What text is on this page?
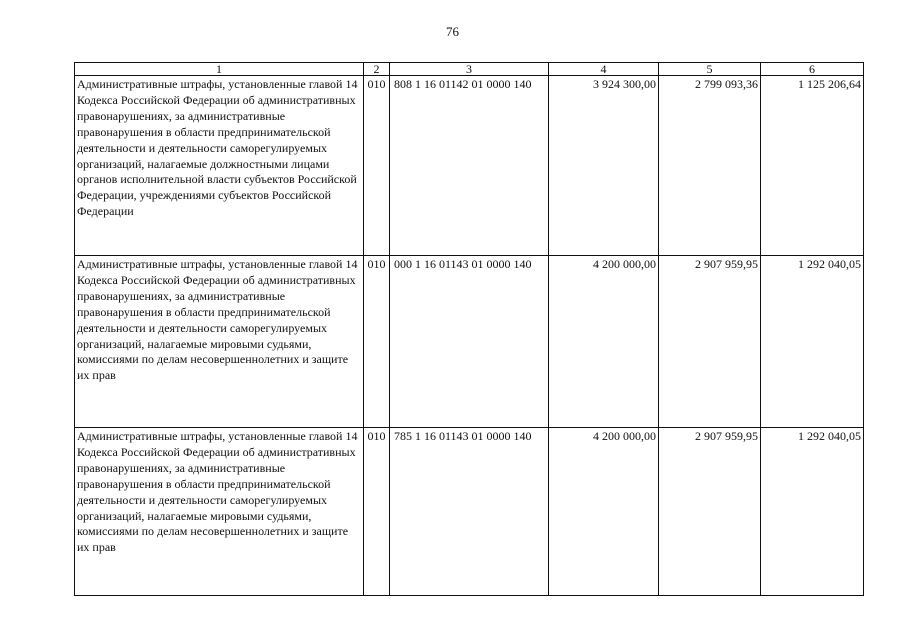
76
1	2	3	4	5	6
Административные штрафы, установленные главой 14 Кодекса Российской Федерации об административных правонарушениях, за административные правонарушения в области предпринимательской деятельности и деятельности саморегулируемых организаций, налагаемые должностными лицами органов исполнительной власти субъектов Российской Федерации, учреждениями субъектов Российской Федерации	010	808 1 16 01142 01 0000 140	3 924 300,00	2 799 093,36	1 125 206,64
Административные штрафы, установленные главой 14 Кодекса Российской Федерации об административных правонарушениях, за административные правонарушения в области предпринимательской деятельности и деятельности саморегулируемых организаций, налагаемые мировыми судьями, комиссиями по делам несовершеннолетних и защите их прав	010	000 1 16 01143 01 0000 140	4 200 000,00	2 907 959,95	1 292 040,05
Административные штрафы, установленные главой 14 Кодекса Российской Федерации об административных правонарушениях, за административные правонарушения в области предпринимательской деятельности и деятельности саморегулируемых организаций, налагаемые мировыми судьями, комиссиями по делам несовершеннолетних и защите их прав	010	785 1 16 01143 01 0000 140	4 200 000,00	2 907 959,95	1 292 040,05
